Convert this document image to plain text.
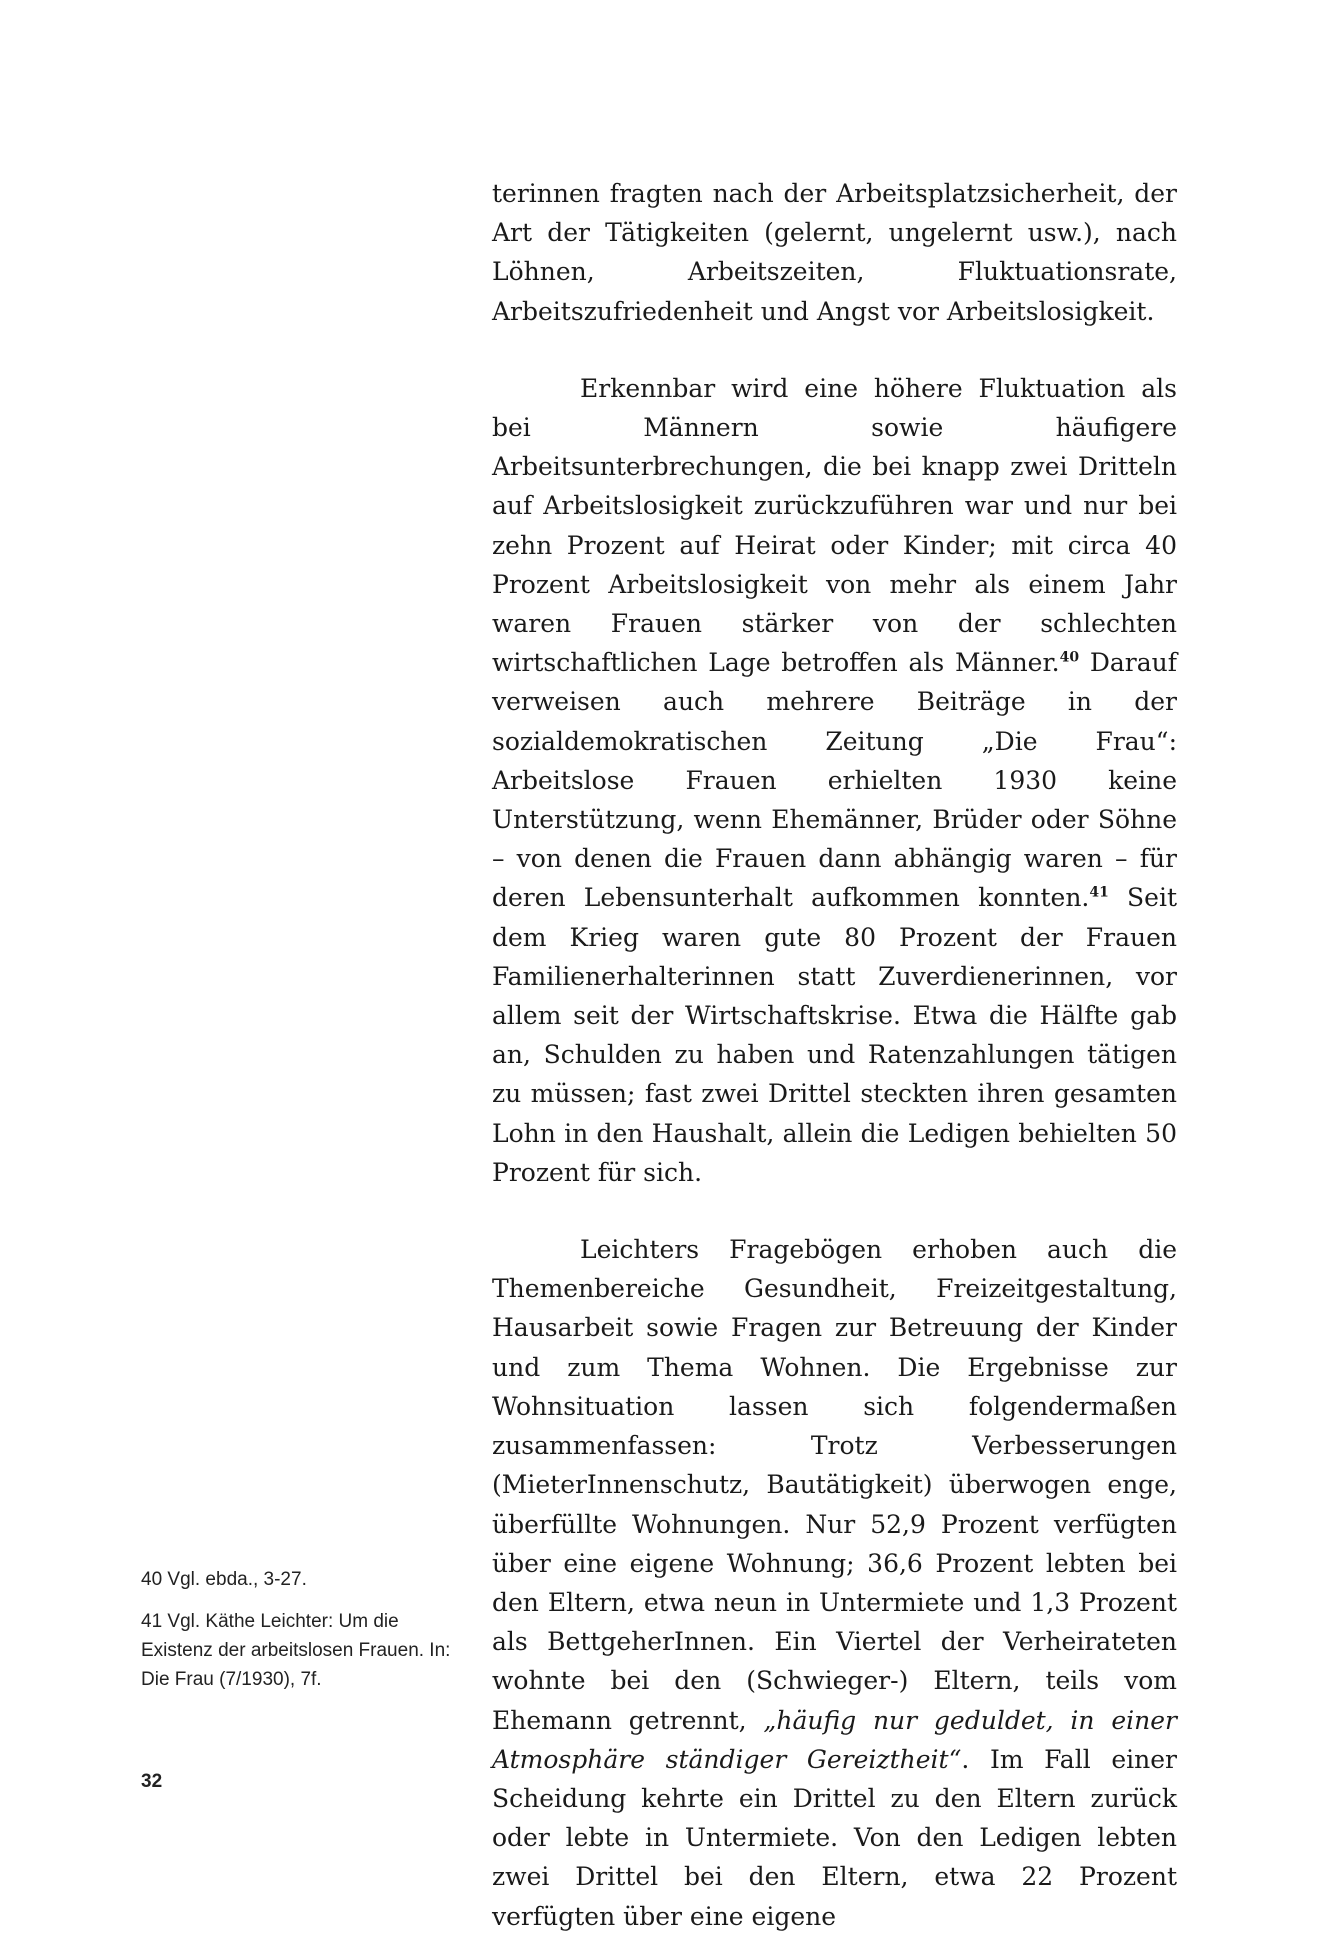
terinnen fragten nach der Arbeitsplatzsicherheit, der Art der Tätigkeiten (gelernt, ungelernt usw.), nach Löhnen, Arbeitszeiten, Fluktuationsrate, Arbeitszufriedenheit und Angst vor Arbeitslosigkeit.

Erkennbar wird eine höhere Fluktuation als bei Männern sowie häufigere Arbeitsunterbrechungen, die bei knapp zwei Dritteln auf Arbeitslosigkeit zurückzuführen war und nur bei zehn Prozent auf Heirat oder Kinder; mit circa 40 Prozent Arbeitslosigkeit von mehr als einem Jahr waren Frauen stärker von der schlechten wirtschaftlichen Lage betroffen als Männer.$^{40}$ Darauf verweisen auch mehrere Beiträge in der sozialdemokratischen Zeitung „Die Frau“: Arbeitslose Frauen erhielten 1930 keine Unterstützung, wenn Ehemänner, Brüder oder Söhne – von denen die Frauen dann abhängig waren – für deren Lebensunterhalt aufkommen konnten.$^{41}$ Seit dem Krieg waren gute 80 Prozent der Frauen Familienerhalterinnen statt Zuverdienerinnen, vor allem seit der Wirtschaftskrise. Etwa die Hälfte gab an, Schulden zu haben und Ratenzahlungen tätigen zu müssen; fast zwei Drittel steckten ihren gesamten Lohn in den Haushalt, allein die Ledigen behielten 50 Prozent für sich.

Leichters Fragebögen erhoben auch die Themenbereiche Gesundheit, Freizeitgestaltung, Hausarbeit sowie Fragen zur Betreuung der Kinder und zum Thema Wohnen. Die Ergebnisse zur Wohnsituation lassen sich folgendermaßen zusammenfassen: Trotz Verbesserungen (MieterInnenschutz, Bautätigkeit) überwogen enge, überfüllte Wohnungen. Nur 52,9 Prozent verfügten über eine eigene Wohnung; 36,6 Prozent lebten bei den Eltern, etwa neun in Untermiete und 1,3 Prozent als BettgeherInnen. Ein Viertel der Verheirateten wohnte bei den (Schwieger-) Eltern, teils vom Ehemann getrennt, „häufig nur geduldet, in einer Atmosphäre ständiger Gereiztheit“. Im Fall einer Scheidung kehrte ein Drittel zu den Eltern zurück oder lebte in Untermiete. Von den Ledigen lebten zwei Drittel bei den Eltern, etwa 22 Prozent verfügten über eine eigene

40 Vgl. ebda., 3-27.

41 Vgl. Käthe Leichter: Um die Existenz der arbeitslosen Frauen. In: Die Frau (7/1930), 7f.

32
